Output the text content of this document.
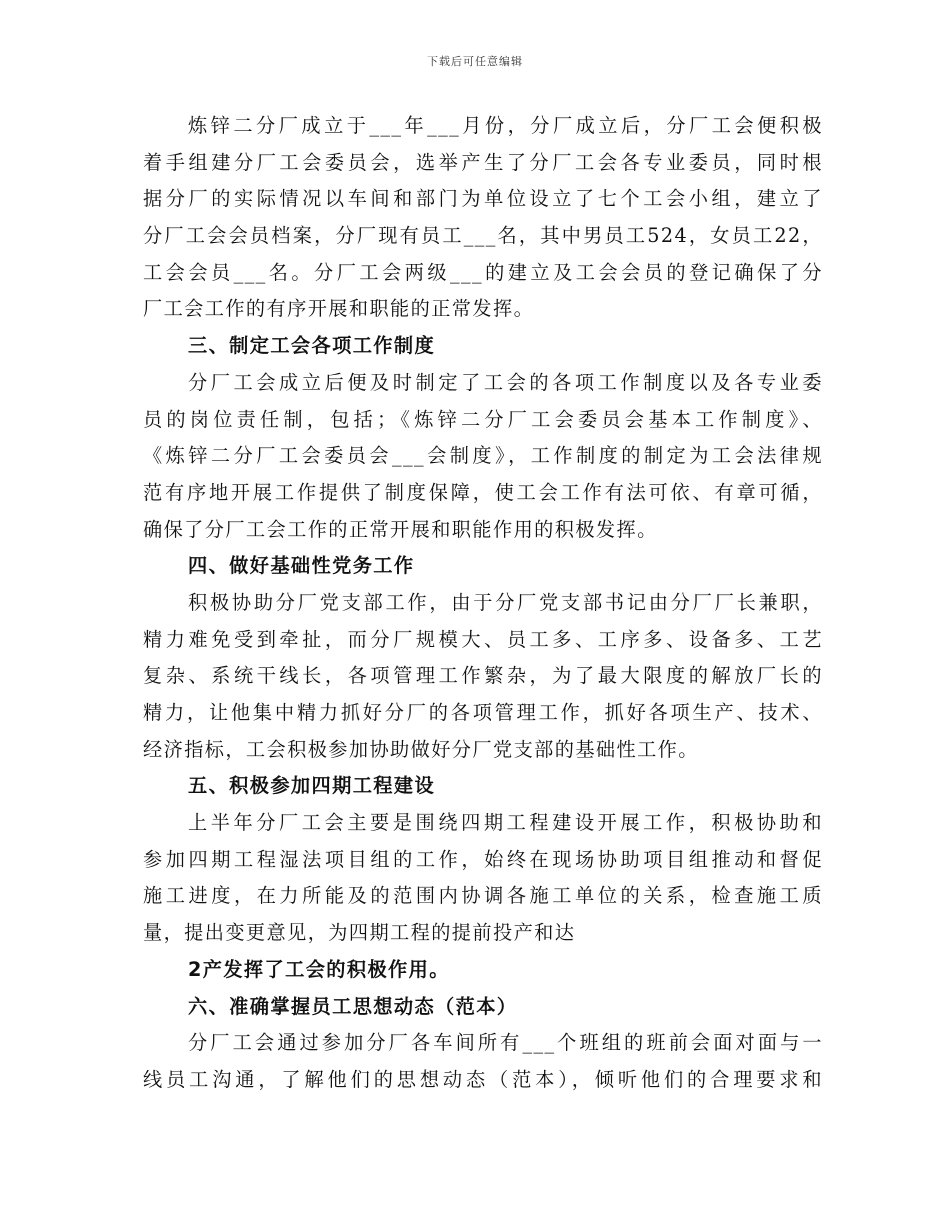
下载后可任意编辑
炼锌二分厂成立于___年___月份，分厂成立后，分厂工会便积极
着手组建分厂工会委员会，选举产生了分厂工会各专业委员，同时根
据分厂的实际情况以车间和部门为单位设立了七个工会小组，建立了
分厂工会会员档案，分厂现有员工___名，其中男员工524，女员工22，
工会会员___名。分厂工会两级___的建立及工会会员的登记确保了分
厂工会工作的有序开展和职能的正常发挥。
三、制定工会各项工作制度
分厂工会成立后便及时制定了工会的各项工作制度以及各专业委
员的岗位责任制，包括；《炼锌二分厂工会委员会基本工作制度》、
《炼锌二分厂工会委员会___会制度》，工作制度的制定为工会法律规
范有序地开展工作提供了制度保障，使工会工作有法可依、有章可循，
确保了分厂工会工作的正常开展和职能作用的积极发挥。
四、做好基础性党务工作
积极协助分厂党支部工作，由于分厂党支部书记由分厂厂长兼职，
精力难免受到牵扯，而分厂规模大、员工多、工序多、设备多、工艺
复杂、系统干线长，各项管理工作繁杂，为了最大限度的解放厂长的
精力，让他集中精力抓好分厂的各项管理工作，抓好各项生产、技术、
经济指标，工会积极参加协助做好分厂党支部的基础性工作。
五、积极参加四期工程建设
上半年分厂工会主要是围绕四期工程建设开展工作，积极协助和
参加四期工程湿法项目组的工作，始终在现场协助项目组推动和督促
施工进度，在力所能及的范围内协调各施工单位的关系，检查施工质
量，提出变更意见，为四期工程的提前投产和达
2产发挥了工会的积极作用。
六、准确掌握员工思想动态（范本）
分厂工会通过参加分厂各车间所有___个班组的班前会面对面与一
线员工沟通，了解他们的思想动态（范本），倾听他们的合理要求和
